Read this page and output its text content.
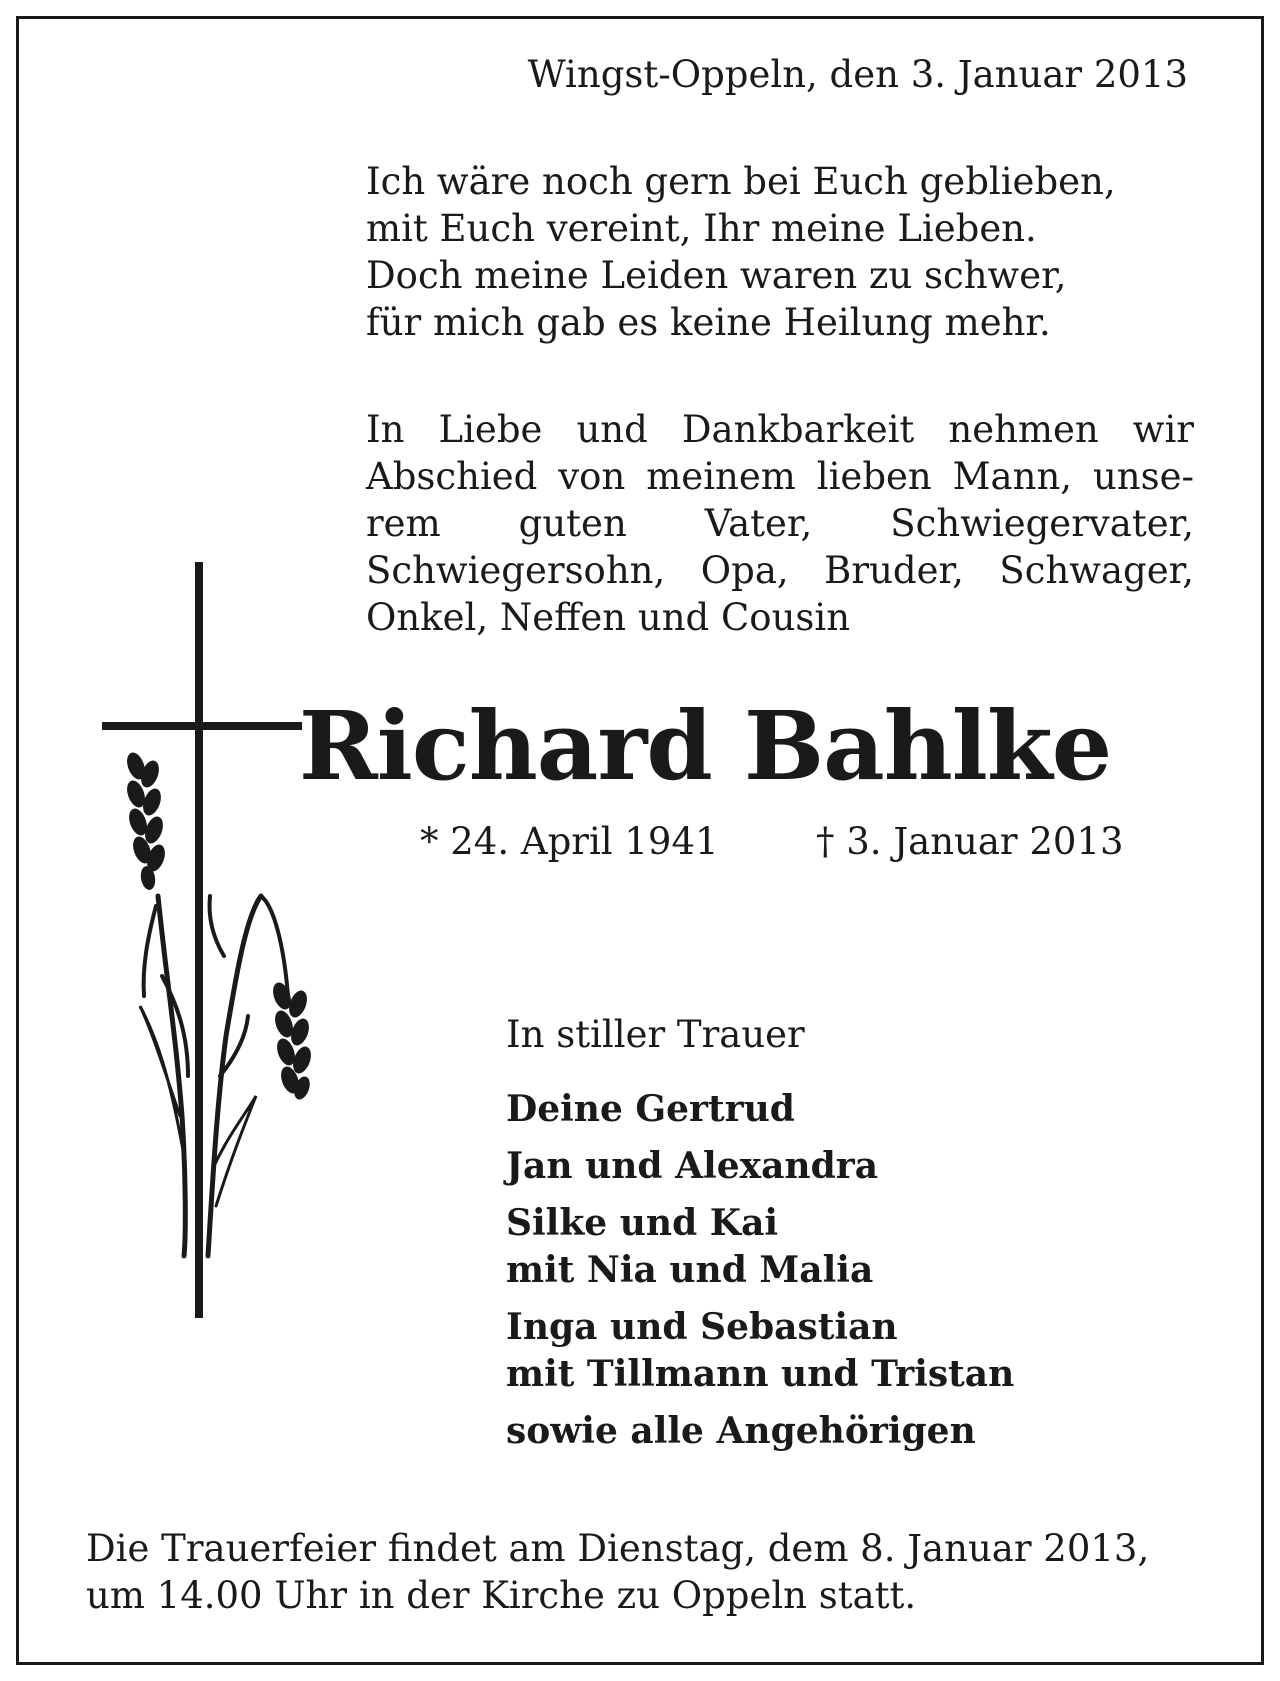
Wingst-Oppeln, den 3. Januar 2013
Ich wäre noch gern bei Euch geblieben,
mit Euch vereint, Ihr meine Lieben.
Doch meine Leiden waren zu schwer,
für mich gab es keine Heilung mehr.
In Liebe und Dankbarkeit nehmen wir
Abschied von meinem lieben Mann, unse-
rem guten Vater, Schwiegervater,
Schwiegersohn, Opa, Bruder, Schwager,
Onkel, Neffen und Cousin
Richard Bahlke
* 24. April 1941	† 3. Januar 2013
In stiller Trauer
Deine Gertrud
Jan und Alexandra
Silke und Kai
mit Nia und Malia
Inga und Sebastian
mit Tillmann und Tristan
sowie alle Angehörigen
Die Trauerfeier findet am Dienstag, dem 8. Januar 2013,
um 14.00 Uhr in der Kirche zu Oppeln statt.
